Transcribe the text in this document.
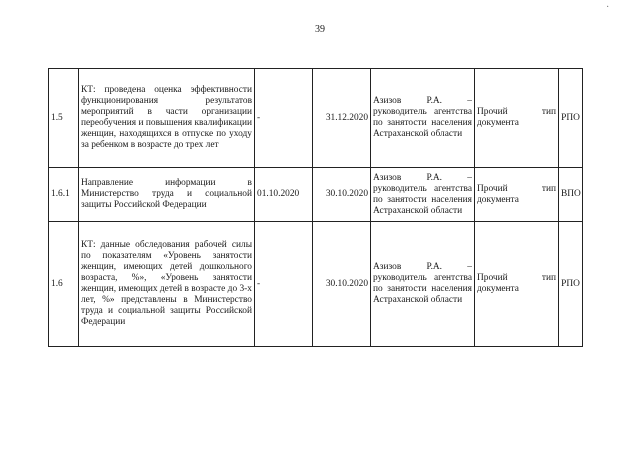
·
39
1.5	КТ: проведена оценка эффективности функционирования результатов мероприятий в части организации переобучения и повышения квалификации женщин, находящихся в отпуске по уходу за ребенком в возрасте до трех лет	-	31.12.2020	Азизов Р.А. – руководитель агентства по занятости населения Астраханской области	Прочий тип документа	РПО
1.6.1	Направление информации в Министерство труда и социальной защиты Российской Федерации	01.10.2020	30.10.2020	Азизов Р.А. – руководитель агентства по занятости населения Астраханской области	Прочий тип документа	ВПО
1.6	КТ: данные обследования рабочей силы по показателям «Уровень занятости женщин, имеющих детей дошкольного возраста, %», «Уровень занятости женщин, имеющих детей в возрасте до 3-х лет, %» представлены в Министерство труда и социальной защиты Российской Федерации	-	30.10.2020	Азизов Р.А. – руководитель агентства по занятости населения Астраханской области	Прочий тип документа	РПО
